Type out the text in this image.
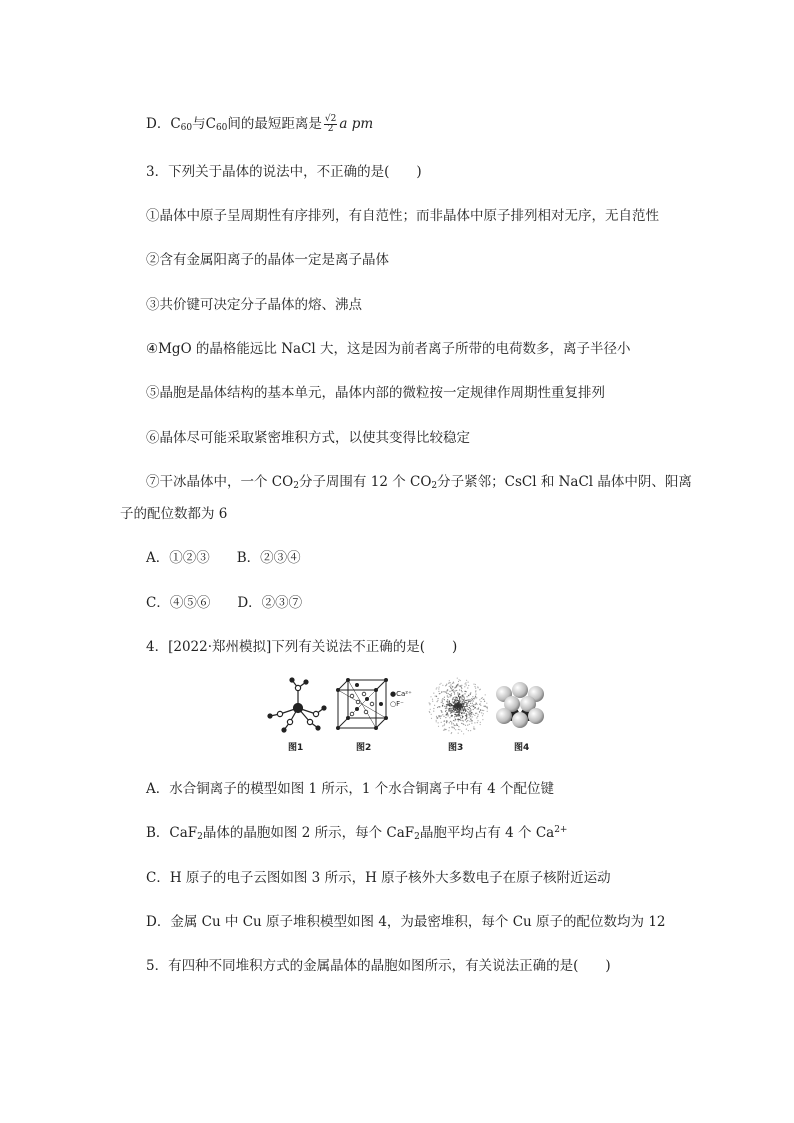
D．$C_{60}$与$C_{60}$间的最短距离是 $\frac{√2}{2}$ a pm
3．下列关于晶体的说法中，不正确的是(　　)
①晶体中原子呈周期性有序排列，有自范性；而非晶体中原子排列相对无序，无自范性
②含有金属阳离子的晶体一定是离子晶体
③共价键可决定分子晶体的熔、沸点
④MgO 的晶格能远比 NaCl 大，这是因为前者离子所带的电荷数多，离子半径小
⑤晶胞是晶体结构的基本单元，晶体内部的微粒按一定规律作周期性重复排列
⑥晶体尽可能采取紧密堆积方式，以使其变得比较稳定
⑦干冰晶体中，一个 $CO_2$分子周围有 12 个 $CO_2$分子紧邻；CsCl 和 NaCl 晶体中阴、阳离
子的配位数都为 6
A．①②③　　B．②③④
C．④⑤⑥　　D．②③⑦
4．[2022·郑州模拟]下列有关说法不正确的是(　　)
●Ca²⁺
○F⁻
图1	图2	图3	图4
A．水合铜离子的模型如图 1 所示，1 个水合铜离子中有 4 个配位键
B．CaF$_2$晶体的晶胞如图 2 所示，每个 CaF$_2$晶胞平均占有 4 个 $Ca^{2+}$
C．H 原子的电子云图如图 3 所示，H 原子核外大多数电子在原子核附近运动
D．金属 Cu 中 Cu 原子堆积模型如图 4，为最密堆积，每个 Cu 原子的配位数均为 12
5．有四种不同堆积方式的金属晶体的晶胞如图所示，有关说法正确的是(　　)
